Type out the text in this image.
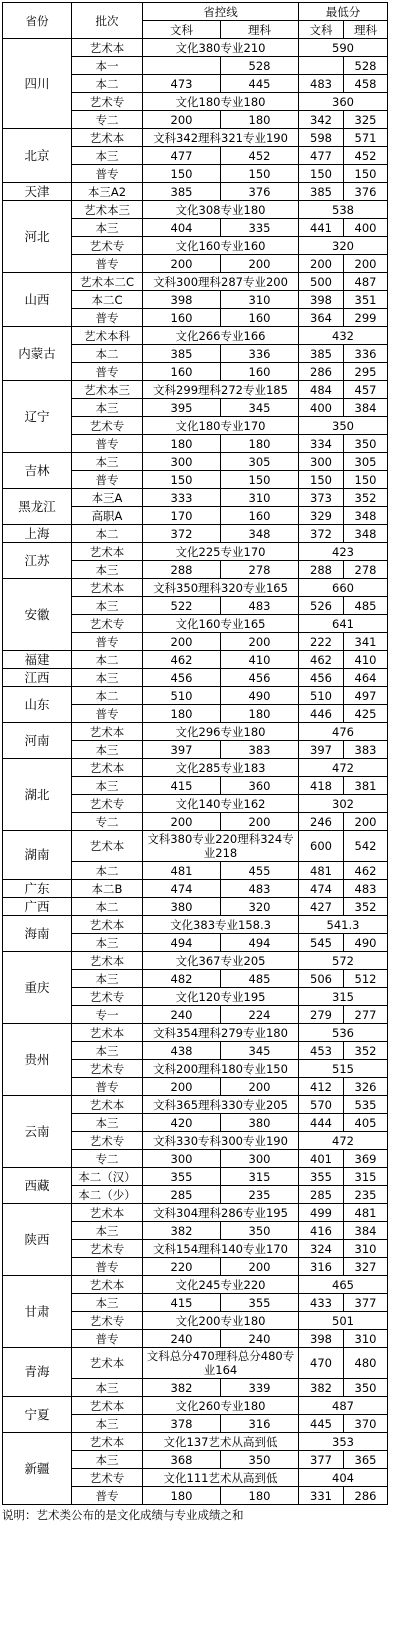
省份	批次	省控线		最低分	
		文科	理科	文科	理科
四川	艺术本	文化380专业210		590	
	本一		528		528
	本二	473	445	483	458
	艺术专	文化180专业180		360	
	专二	200	180	342	325
北京	艺术本	文科342理科321专业190		598	571
	本三	477	452	477	452
	普专	150	150	150	150
天津	本三A2	385	376	385	376
河北	艺术本三	文化308专业180		538	
	本三	404	335	441	400
	艺术专	文化160专业160		320	
	普专	200	200	200	200
山西	艺术本二C	文科300理科287专业200		500	487
	本二C	398	310	398	351
	普专	160	160	364	299
内蒙古	艺术本科	文化266专业166		432	
	本二	385	336	385	336
	普专	160	160	286	295
辽宁	艺术本三	文科299理科272专业185		484	457
	本三	395	345	400	384
	艺术专	文化180专业170		350	
	普专	180	180	334	350
吉林	本三	300	305	300	305
	普专	150	150	150	150
黑龙江	本三A	333	310	373	352
	高职A	170	160	329	348
上海	本二	372	348	372	348
江苏	艺术本	文化225专业170		423	
	本三	288	278	288	278
安徽	艺术本	文科350理科320专业165		660	
	本三	522	483	526	485
	艺术专	文化160专业165		641	
	普专	200	200	222	341
福建	本二	462	410	462	410
江西	本三	456	456	456	464
山东	本二	510	490	510	497
	普专	180	180	446	425
河南	艺术本	文化296专业180		476	
	本三	397	383	397	383
湖北	艺术本	文化285专业183		472	
	本三	415	360	418	381
	艺术专	文化140专业162		302	
	专二	200	200	246	200
湖南	艺术本	文科380专业220理科324专业218		600	542
	本二	481	455	481	462
广东	本二B	474	483	474	483
广西	本二	380	320	427	352
海南	艺术本	文化383专业158.3		541.3	
	本三	494	494	545	490
重庆	艺术本	文化367专业205		572	
	本三	482	485	506	512
	艺术专	文化120专业195		315	
	专一	240	224	279	277
贵州	艺术本	文科354理科279专业180		536	
	本三	438	345	453	352
	艺术专	文科200理科180专业150		515	
	普专	200	200	412	326
云南	艺术本	文科365理科330专业205		570	535
	本三	420	380	444	405
	艺术专	文科330专科300专业190		472	
	专二	300	300	401	369
西藏	本二（汉）	355	315	355	315
	本二（少）	285	235	285	235
陕西	艺术本	文科304理科286专业195		499	481
	本三	382	350	416	384
	艺术专	文科154理科140专业170		324	310
	普专	220	200	316	327
甘肃	艺术本	文化245专业220		465	
	本三	415	355	433	377
	艺术专	文化200专业180		501	
	普专	240	240	398	310
青海	艺术本	文科总分470理科总分480专业164		470	480
	本三	382	339	382	350
宁夏	艺术本	文化260专业180		487	
	本三	378	316	445	370
新疆	艺术本	文化137艺术从高到低		353	
	本三	368	350	377	365
	艺术专	文化111艺术从高到低		404	
	普专	180	180	331	286
说明：艺术类公布的是文化成绩与专业成绩之和
